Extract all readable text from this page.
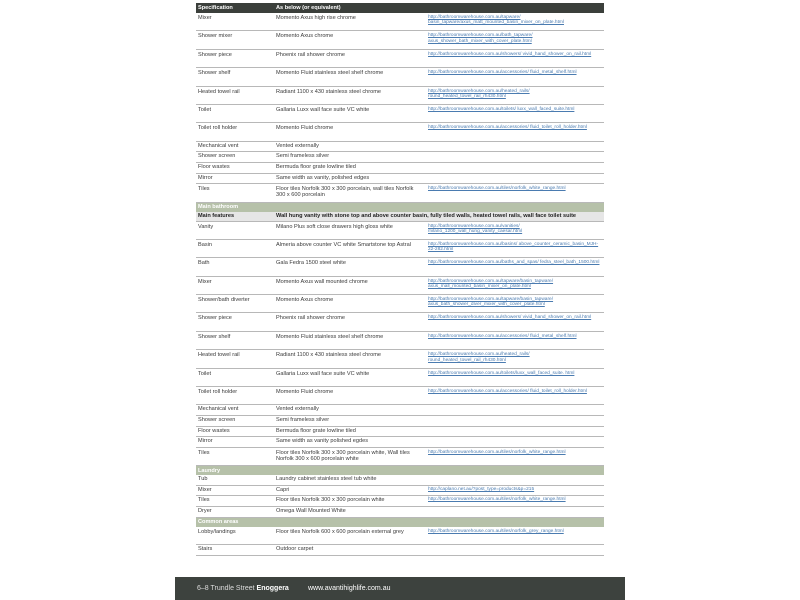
Specification	As below (or equivalent)	
Mixer	Momento Axus high rise chrome	http://bathroomwarehouse.com.au/tapware/ basin_tapware/axus_matt_mounted_basin_mixer_on_plate.html
Shower mixer	Momento Axus chrome	http://bathroomwarehouse.com.au/bath_tapware/ axus_shower_bath_mixer_with_cover_plate.html
Shower piece	Phoenix rail shower chrome	http://bathroomwarehouse.com.au/showers/ vivid_hand_shower_on_rail.html
Shower shelf	Momento Fluid stainless steel shelf chrome	http://bathroomwarehouse.com.au/accessories/ fluid_metal_shelf.html
Heated towel rail	Radiant 1100 x 430 stainless steel chrome	http://bathroomwarehouse.com.au/heated_rails/ round_heated_towel_rail_rh430.html
Toilet	Gallaria Luxx wall face suite VC white	http://bathroomwarehouse.com.au/toilets/ luxx_wall_faced_suite.html
Toilet roll holder	Momento Fluid chrome	http://bathroomwarehouse.com.au/accessories/ fluid_toilet_roll_holder.html
Mechanical vent	Vented externally	
Shower screen	Semi frameless silver	
Floor wastes	Bermuda floor grate lowline tiled	
Mirror	Same width as vanity, polished edges	
Tiles	Floor tiles Norfolk 300 x 300 porcelain, wall tiles Norfolk 300 x 600 porcelain	http://bathroomwarehouse.com.au/tiles/norfolk_white_range.html
Main bathroom		
Main features	Wall hung vanity with stone top and above counter basin, fully tiled walls, heated towel rails, wall face toilet suite	
Vanity	Milano Plus soft close drawers high gloss white	http://bathroomwarehouse.com.au/vanities/ milano_1200_wall_hung_vanity_caesar.html
Basin	Almeria above counter VC white Smartstone top Astral	http://bathroomwarehouse.com.au/basins/ above_counter_ceramic_basin_MJH-22-282.html
Bath	Gala Fedra 1500 steel white	http://bathroomwarehouse.com.au/baths_and_spas/ fedra_steel_bath_1500.html
Mixer	Momento Axus wall mounted chrome	http://bathroomwarehouse.com.au/tapware/basin_tapware/ axus_mall_mounted_basin_mixer_on_plate.html
Shower/bath diverter	Momento Axus chrome	http://bathroomwarehouse.com.au/tapware/basin_tapware/ axus_bath_shower_diver_mixer_with_cover_plate.html
Shower piece	Phoenix rail shower chrome	http://bathroomwarehouse.com.au/showers/ vivid_hand_shower_on_rail.html
Shower shelf	Momento Fluid stainless steel shelf chrome	http://bathroomwarehouse.com.au/accessories/ fluid_metal_shelf.html
Heated towel rail	Radiant 1100 x 430 stainless steel chrome	http://bathroomwarehouse.com.au/heated_rails/ round_heated_towel_rail_rh430.html
Toilet	Gallaria Luxx wall face suite VC white	http://bathroomwarehouse.com.au/toilets/luxx_wall_faced_suite. html
Toilet roll holder	Momento Fluid chrome	http://bathroomwarehouse.com.au/accessories/ fluid_toilet_roll_holder.html
Mechanical vent	Vented externally	
Shower screen	Semi frameless silver	
Floor wastes	Bermuda floor grate lowline tiled	
Mirror	Same width as vanity polished egdes	
Tiles	Floor tiles Norfolk 300 x 300 porcelain white, Wall tiles Norfolk 300 x 600 porcelain white	http://bathroomwarehouse.com.au/tiles/norfolk_white_range.html
Laundry		
Tub	Laundry cabinet stainless steel tub white	
Mixer	Capri	http://caplano.net.au/?post_type=products&p=215
Tiles	Floor tiles Norfolk 300 x 300 porcelain white	http://bathroomwarehouse.com.au/tiles/norfolk_white_range.html
Dryer	Omega Wall Mounted White	
Common areas		
Lobby/landings	Floor tiles Norfolk 600 x 600 porcelain external grey	http://bathroomwarehouse.com.au/tiles/norfolk_grey_range.html
Stairs	Outdoor carpet	
6–8 Trundle Street Enoggera	www.avantihighlife.com.au
